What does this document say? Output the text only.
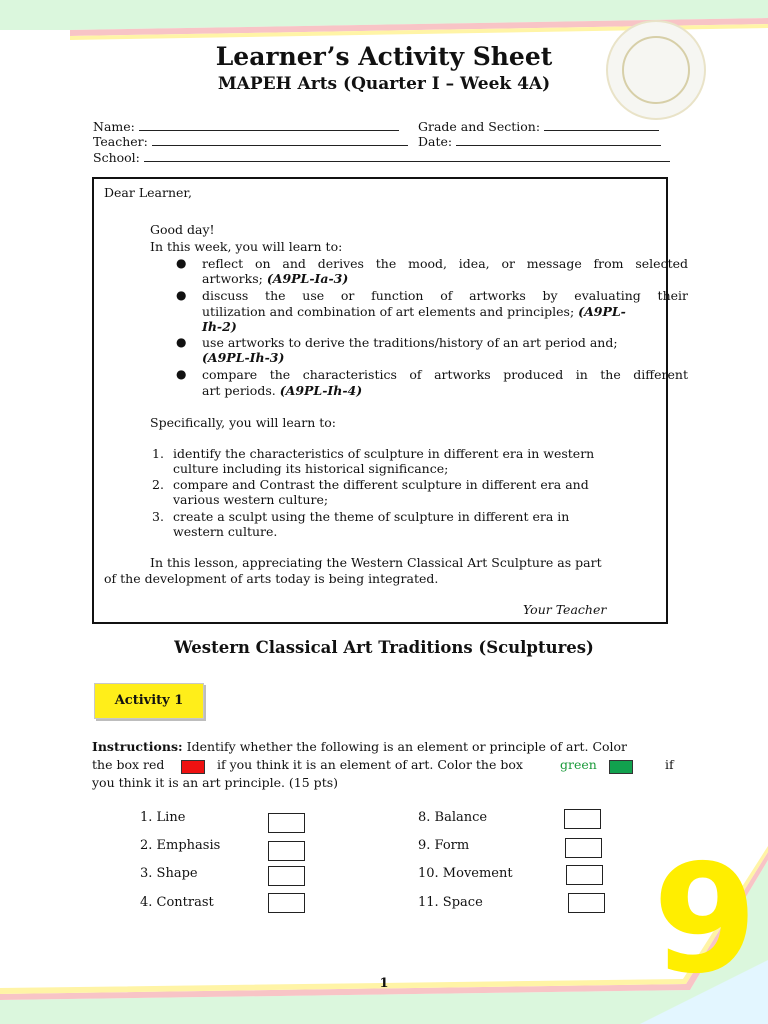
9
Learner’s Activity Sheet
MAPEH Arts (Quarter I – Week 4A)
Name:	Grade and Section:
Teacher:	Date:
School:
Dear Learner,
Good day!
In this week, you will learn to:
● reflect on and derives the mood, idea, or message from selected
artworks; (A9PL-Ia-3)
● discuss the use or function of artworks by evaluating their
utilization and combination of art elements and principles; (A9PL-
Ih-2)
● use artworks to derive the traditions/history of an art period and;
(A9PL-Ih-3)
● compare the characteristics of artworks produced in the different
art periods. (A9PL-Ih-4)
Specifically, you will learn to:
1. identify the characteristics of sculpture in different era in western
culture including its historical significance;
2. compare and Contrast the different sculpture in different era and
various western culture;
3. create a sculpt using the theme of sculpture in different era in
western culture.
In this lesson, appreciating the Western Classical Art Sculpture as part
of the development of arts today is being integrated.
Your Teacher
Western Classical Art Traditions (Sculptures)
Activity 1
Instructions: Identify whether the following is an element or principle of art. Color
the box red	if you think it is an element of art. Color the box	green	if
you think it is an art principle. (15 pts)
1. Line
2. Emphasis
3. Shape
4. Contrast
8. Balance
9. Form
10. Movement
11. Space
1
